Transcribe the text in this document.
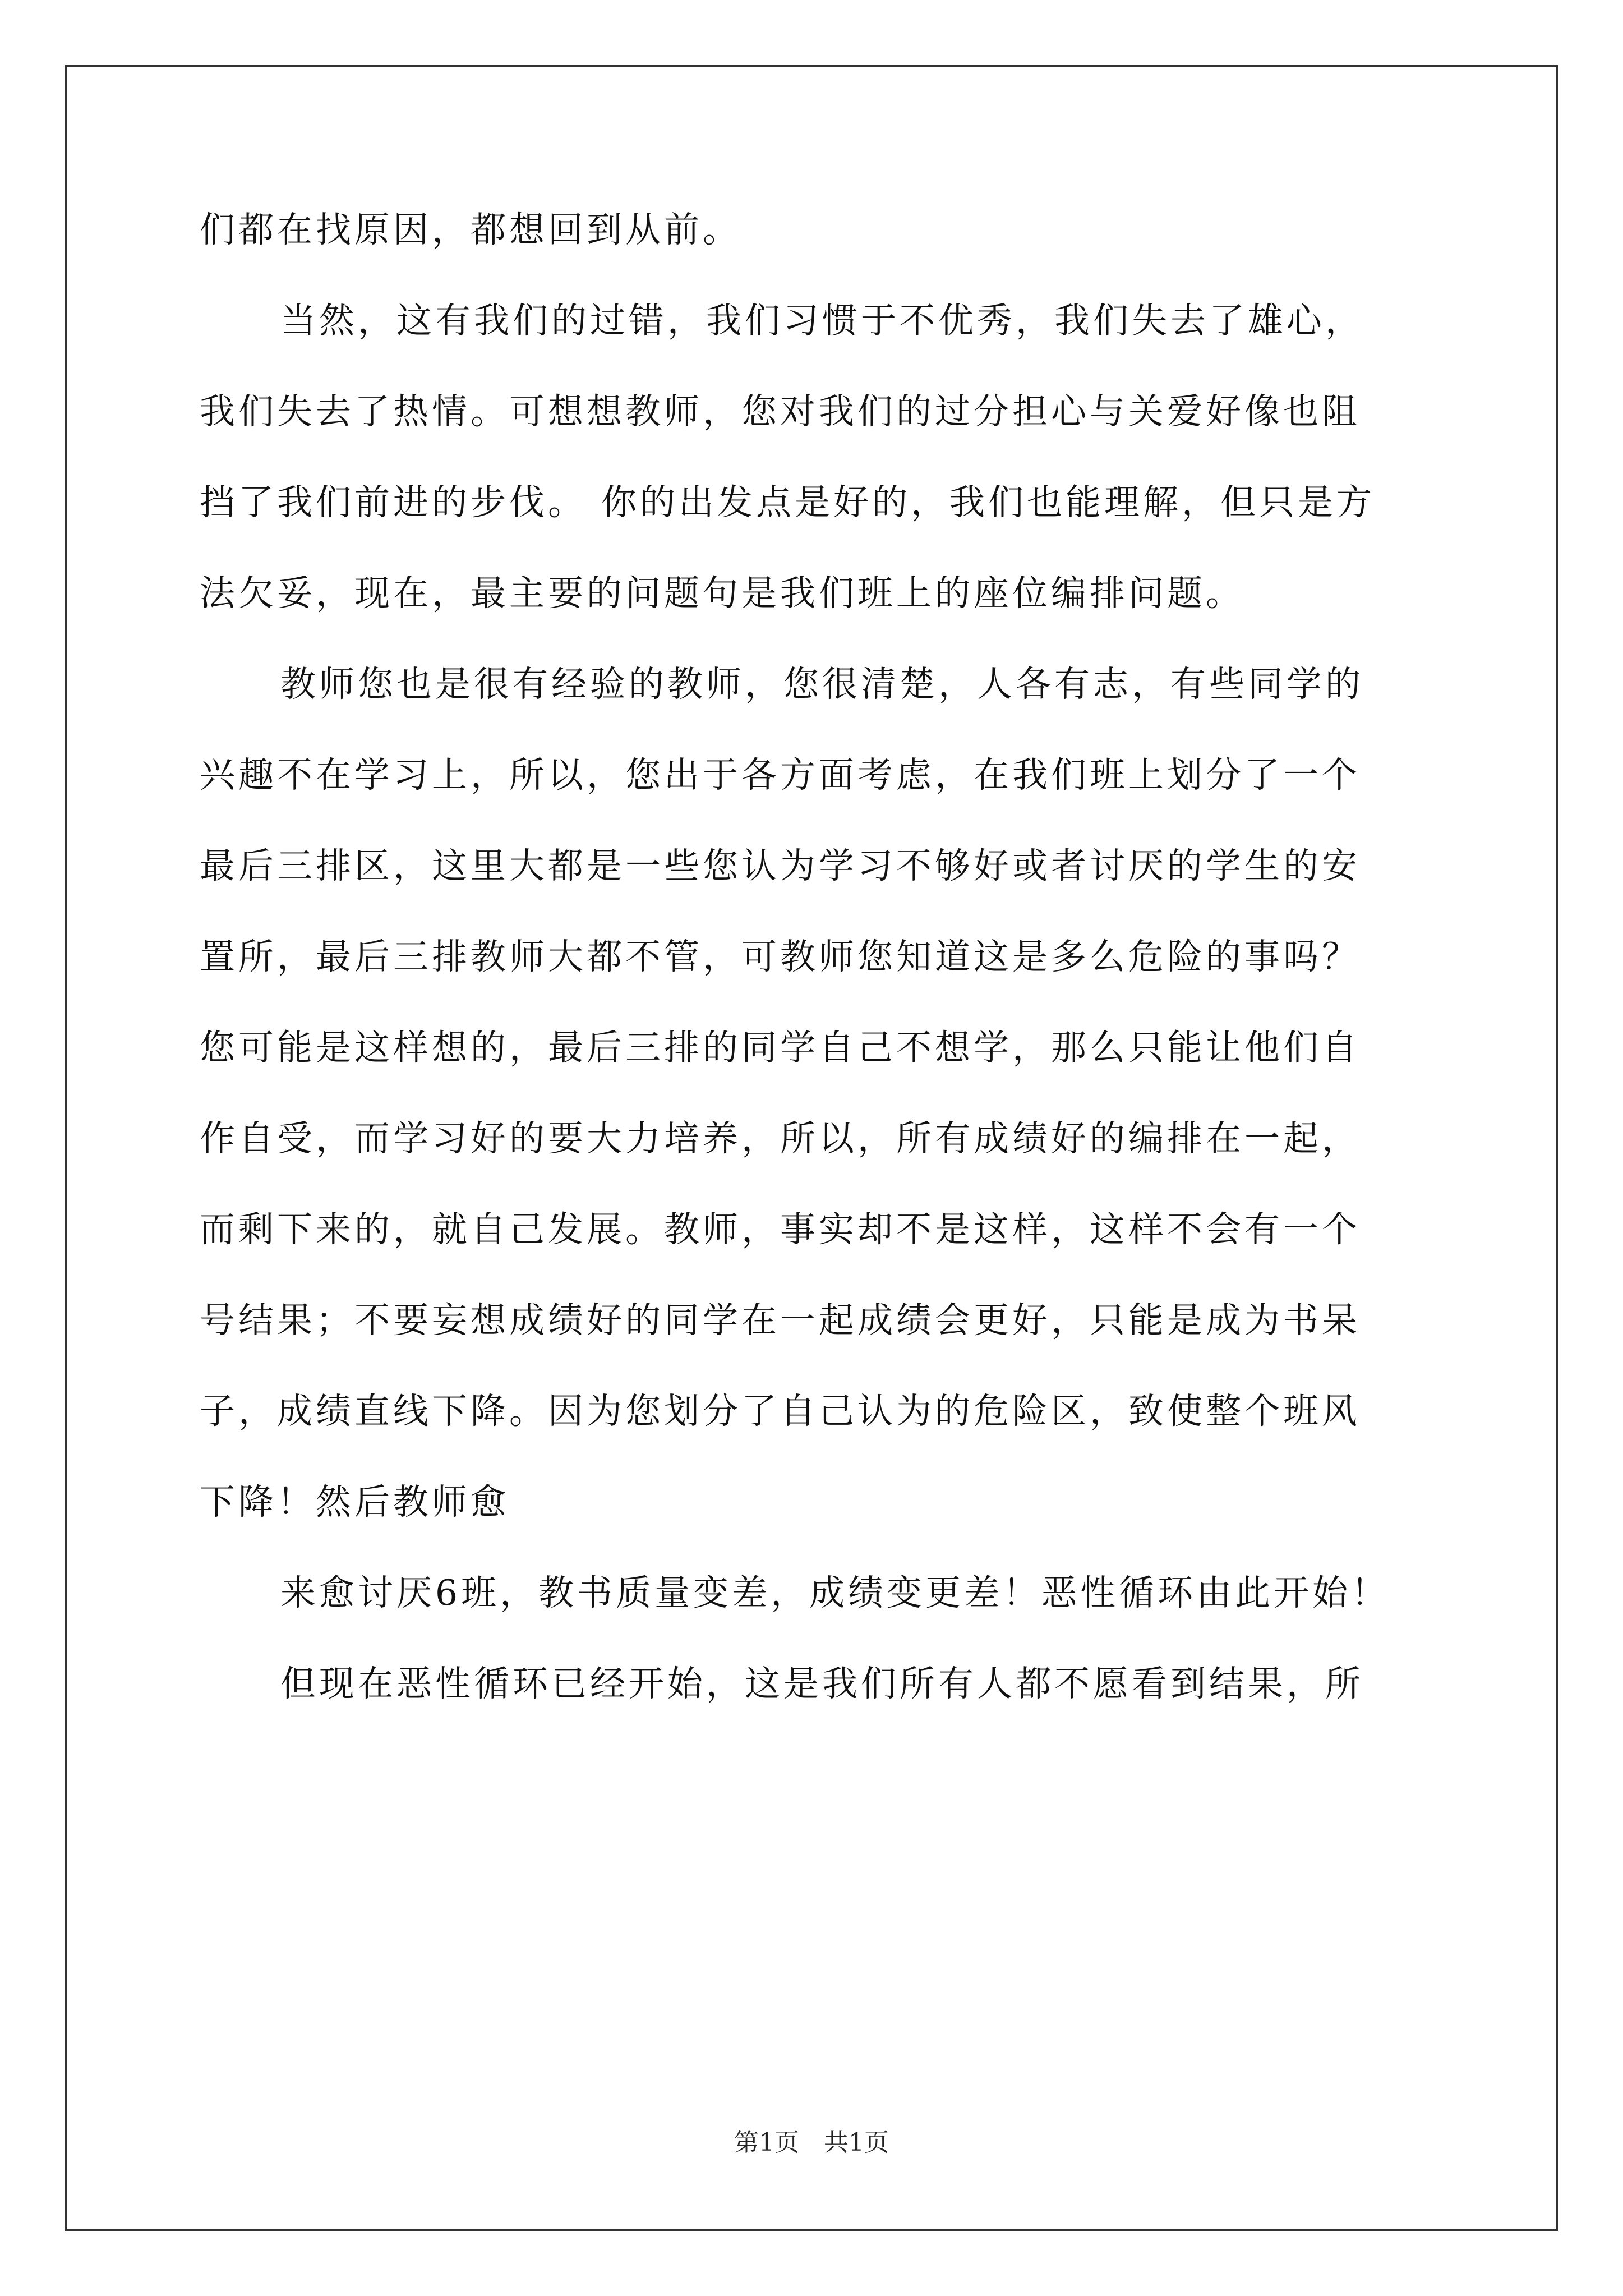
们都在找原因，都想回到从前。

当然，这有我们的过错，我们习惯于不优秀，我们失去了雄心，

我们失去了热情。可想想教师，您对我们的过分担心与关爱好像也阻

挡了我们前进的步伐。 你的出发点是好的，我们也能理解，但只是方

法欠妥，现在，最主要的问题句是我们班上的座位编排问题。

教师您也是很有经验的教师，您很清楚，人各有志，有些同学的

兴趣不在学习上，所以，您出于各方面考虑，在我们班上划分了一个

最后三排区，这里大都是一些您认为学习不够好或者讨厌的学生的安

置所，最后三排教师大都不管，可教师您知道这是多么危险的事吗？

您可能是这样想的，最后三排的同学自己不想学，那么只能让他们自

作自受，而学习好的要大力培养，所以，所有成绩好的编排在一起，

而剩下来的，就自己发展。教师，事实却不是这样，这样不会有一个

号结果；不要妄想成绩好的同学在一起成绩会更好，只能是成为书呆

子，成绩直线下降。因为您划分了自己认为的危险区，致使整个班风

下降！然后教师愈

来愈讨厌6班，教书质量变差，成绩变更差！恶性循环由此开始！

但现在恶性循环已经开始，这是我们所有人都不愿看到结果，所

第1页 共1页
